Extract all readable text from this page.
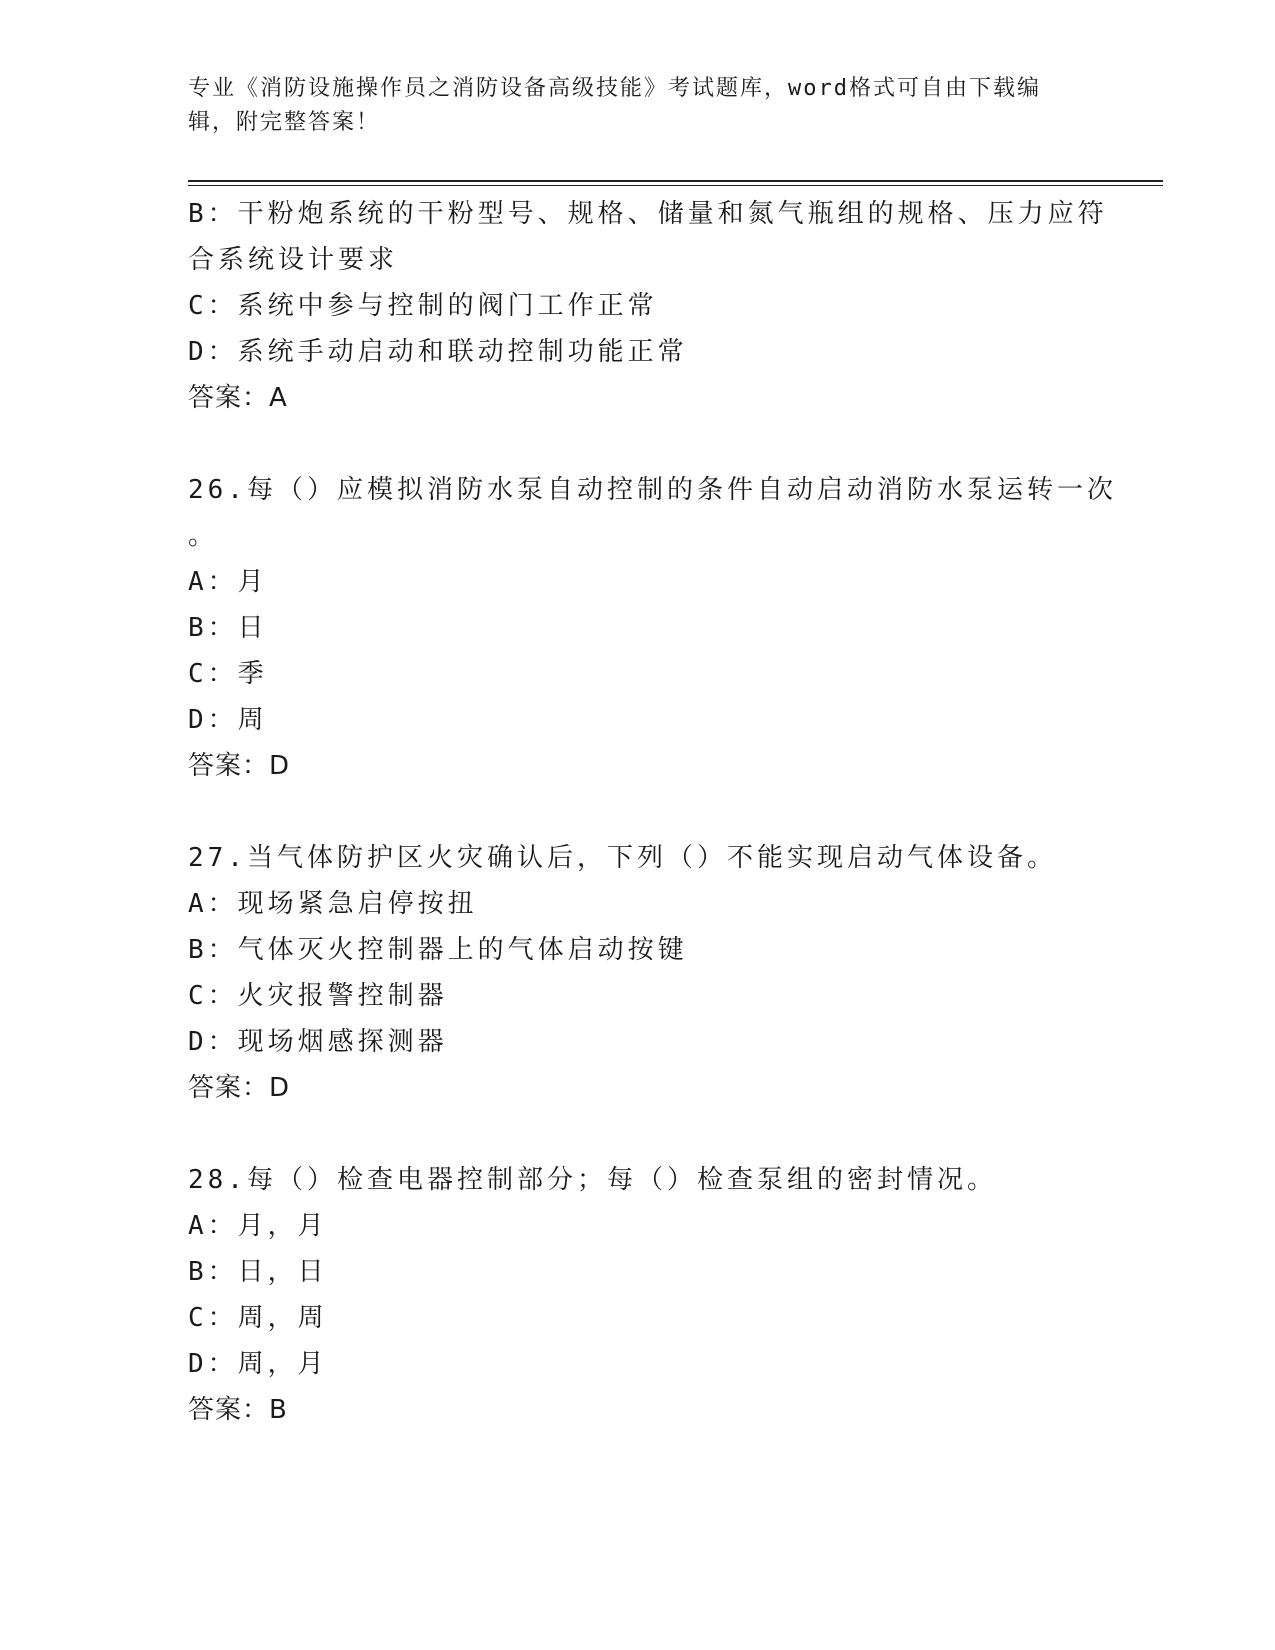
专业《消防设施操作员之消防设备高级技能》考试题库，word格式可自由下载编
辑，附完整答案！
B：干粉炮系统的干粉型号、规格、储量和氮气瓶组的规格、压力应符
合系统设计要求
C：系统中参与控制的阀门工作正常
D：系统手动启动和联动控制功能正常
答案：A
26.每（）应模拟消防水泵自动控制的条件自动启动消防水泵运转一次
。
A：月
B：日
C：季
D：周
答案：D
27.当气体防护区火灾确认后，下列（）不能实现启动气体设备。
A：现场紧急启停按扭
B：气体灭火控制器上的气体启动按键
C：火灾报警控制器
D：现场烟感探测器
答案：D
28.每（）检查电器控制部分；每（）检查泵组的密封情况。
A：月，月
B：日，日
C：周，周
D：周，月
答案：B
